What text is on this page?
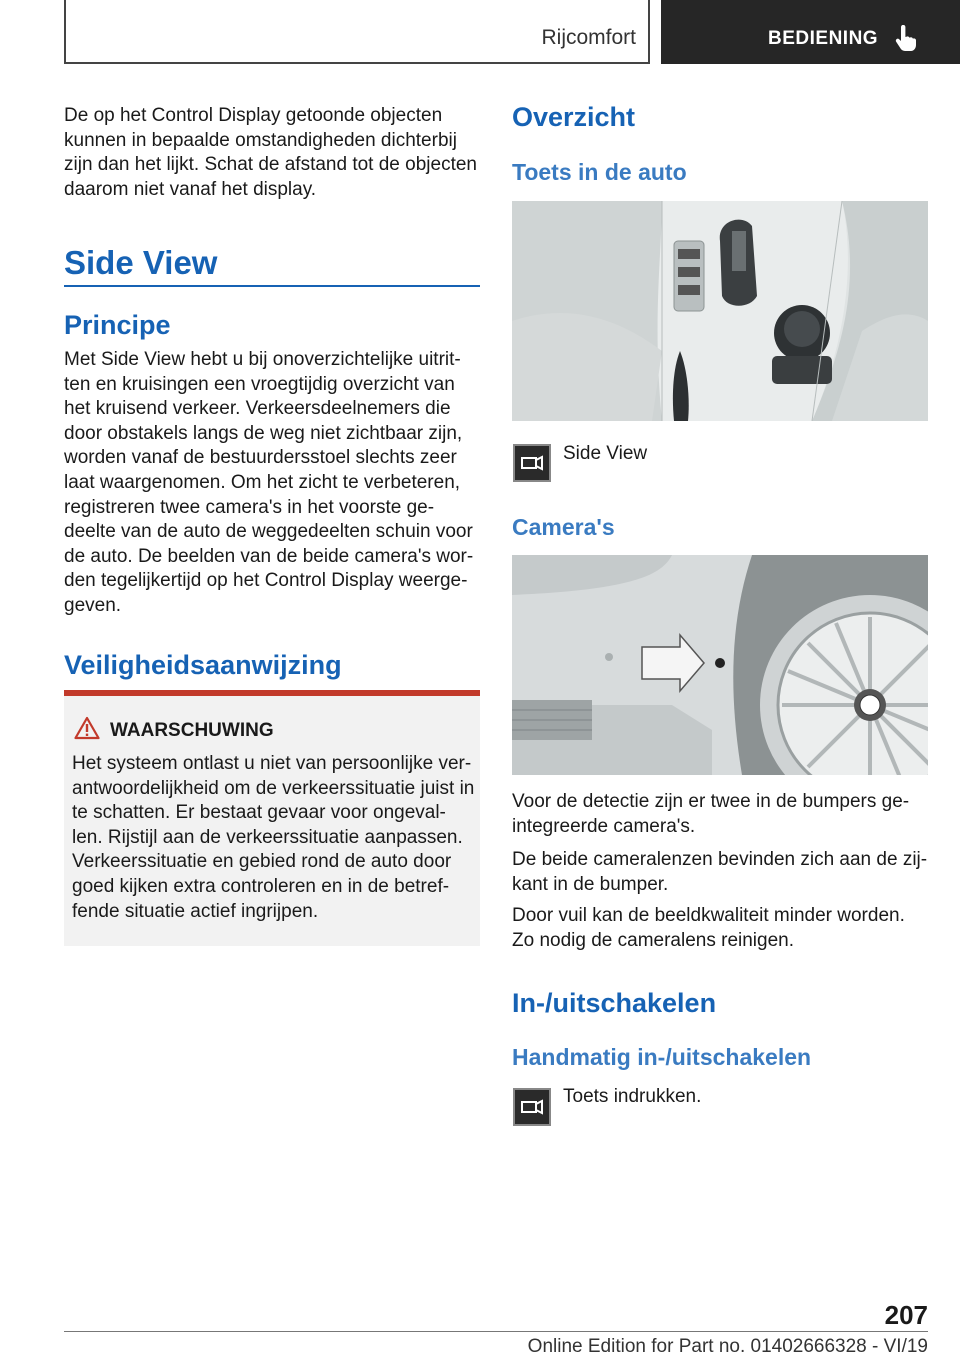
Rijcomfort	BEDIENING

De op het Control Display getoonde objecten kunnen in bepaalde omstandigheden dichterbij zijn dan het lijkt. Schat de afstand tot de objecten daarom niet vanaf het display.

Side View
Principe

Met Side View hebt u bij onoverzichtelijke uitrit- ten en kruisingen een vroegtijdig overzicht van het kruisend verkeer. Verkeersdeelnemers die door obstakels langs de weg niet zichtbaar zijn, worden vanaf de bestuurdersstoel slechts zeer laat waargenomen. Om het zicht te verbeteren, registreren twee camera's in het voorste ge- deelte van de auto de weggedeelten schuin voor de auto. De beelden van de beide camera's wor- den tegelijkertijd op het Control Display weerge- geven.

Veiligheidsaanwijzing
WAARSCHUWING

Het systeem ontlast u niet van persoonlijke ver- antwoordelijkheid om de verkeerssituatie juist in te schatten. Er bestaat gevaar voor ongeval- len. Rijstijl aan de verkeerssituatie aanpassen. Verkeerssituatie en gebied rond de auto door goed kijken extra controleren en in de betref- fende situatie actief ingrijpen.

Overzicht
Toets in de auto
Side View
Camera's

Voor de detectie zijn er twee in de bumpers ge- integreerde camera's.

De beide cameralenzen bevinden zich aan de zij- kant in de bumper.

Door vuil kan de beeldkwaliteit minder worden. Zo nodig de cameralens reinigen.

In-/uitschakelen
Handmatig in-/uitschakelen
Toets indrukken.
207
Online Edition for Part no. 01402666328 - VI/19
